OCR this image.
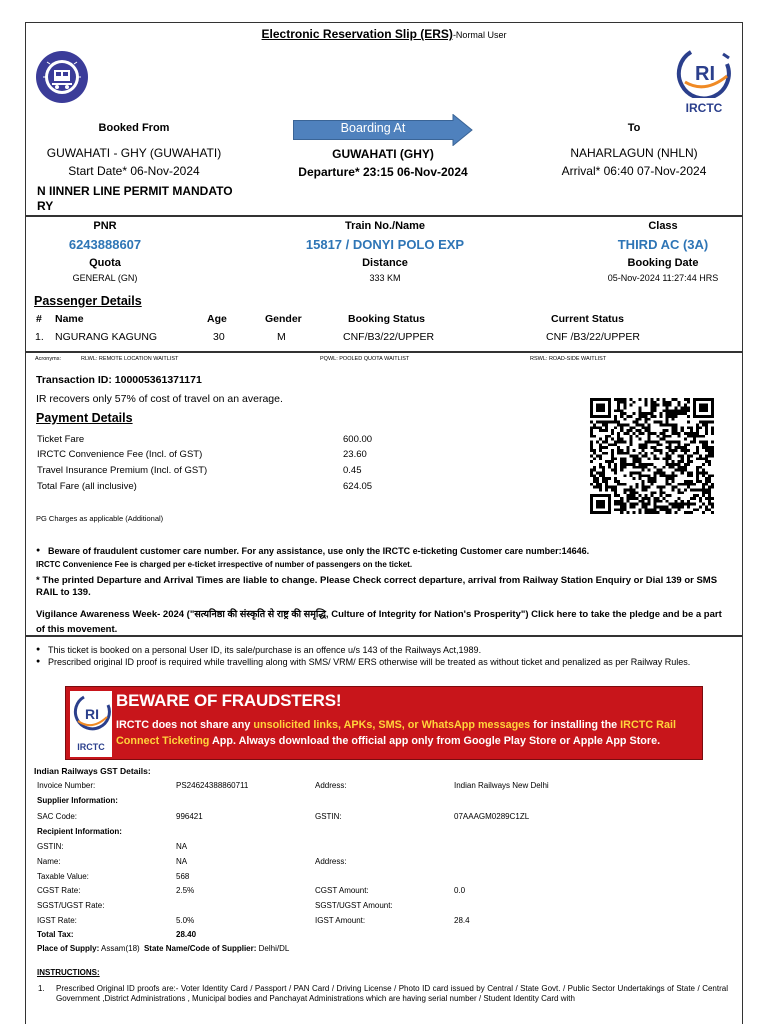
Electronic Reservation Slip (ERS)-Normal User
RI
IRCTC
Booked From
GUWAHATI - GHY (GUWAHATI)
Start Date* 06-Nov-2024
Boarding At
GUWAHATI (GHY)
Departure* 23:15 06-Nov-2024
To
NAHARLAGUN (NHLN)
Arrival* 06:40 07-Nov-2024
N IINNER LINE PERMIT MANDATO
RY
PNR
6243888607
Quota
GENERAL (GN)
Train No./Name
15817 / DONYI POLO EXP
Distance
333 KM
Class
THIRD AC (3A)
Booking Date
05-Nov-2024 11:27:44 HRS
Passenger Details
# Name	Age	Gender	Booking Status	Current Status
1. NGURANG KAGUNG	30	M	CNF/B3/22/UPPER	CNF /B3/22/UPPER
Acronyms:	RLWL: REMOTE LOCATION WAITLIST	PQWL: POOLED QUOTA WAITLIST	RSWL: ROAD-SIDE WAITLIST
Transaction ID: 100005361371171
IR recovers only 57% of cost of travel on an average.
Payment Details
Ticket Fare	600.00
IRCTC Convenience Fee (Incl. of GST)	23.60
Travel Insurance Premium (Incl. of GST)	0.45
Total Fare (all inclusive)	624.05
PG Charges as applicable (Additional)
● Beware of fraudulent customer care number. For any assistance, use only the IRCTC e-ticketing Customer care number:14646.
IRCTC Convenience Fee is charged per e-ticket irrespective of number of passengers on the ticket.
* The printed Departure and Arrival Times are liable to change. Please Check correct departure, arrival from Railway Station Enquiry or Dial 139 or SMS RAIL to 139.
Vigilance Awareness Week- 2024 ("सत्यनिष्ठा की संस्कृति से राष्ट्र की समृद्धि, Culture of Integrity for Nation's Prosperity") Click here to take the pledge and be a part of this movement.
● This ticket is booked on a personal User ID, its sale/purchase is an offence u/s 143 of the Railways Act,1989.
● Prescribed original ID proof is required while travelling along with SMS/ VRM/ ERS otherwise will be treated as without ticket and penalized as per Railway Rules.
RI
IRCTC
BEWARE OF FRAUDSTERS!
IRCTC does not share any unsolicited links, APKs, SMS, or WhatsApp messages for installing the IRCTC Rail Connect Ticketing App. Always download the official app only from Google Play Store or Apple App Store.
Indian Railways GST Details:
Invoice Number:	PS24624388860711	Address:	Indian Railways New Delhi
Supplier Information:
SAC Code:	996421	GSTIN:	07AAAGM0289C1ZL
Recipient Information:
GSTIN:	NA
Name:	NA	Address:
Taxable Value:	568
CGST Rate:	2.5%	CGST Amount:	0.0
SGST/UGST Rate:	SGST/UGST Amount:
IGST Rate:	5.0%	IGST Amount:	28.4
Total Tax:	28.40
Place of Supply: Assam(18) State Name/Code of Supplier: Delhi/DL
INSTRUCTIONS:
1. Prescribed Original ID proofs are:- Voter Identity Card / Passport / PAN Card / Driving License / Photo ID card issued by Central / State Govt. / Public Sector Undertakings of State / Central Government ,District Administrations , Municipal bodies and Panchayat Administrations which are having serial number / Student Identity Card with
